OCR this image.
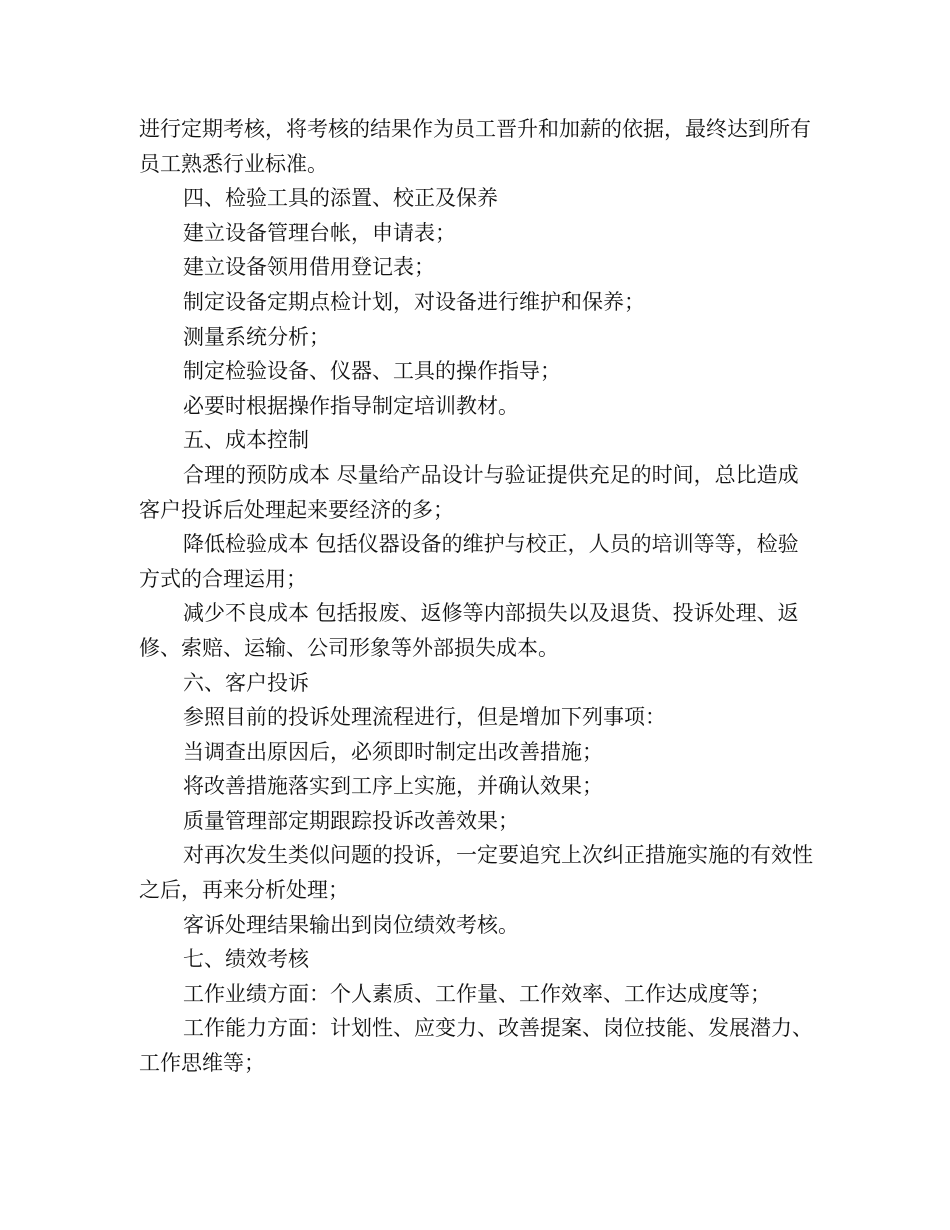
进行定期考核，将考核的结果作为员工晋升和加薪的依据，最终达到所有员工熟悉行业标准。

四、检验工具的添置、校正及保养

建立设备管理台帐，申请表；

建立设备领用借用登记表；

制定设备定期点检计划，对设备进行维护和保养；

测量系统分析；

制定检验设备、仪器、工具的操作指导；

必要时根据操作指导制定培训教材。

五、成本控制

合理的预防成本 尽量给产品设计与验证提供充足的时间，总比造成客户投诉后处理起来要经济的多；

降低检验成本 包括仪器设备的维护与校正，人员的培训等等，检验方式的合理运用；

减少不良成本 包括报废、返修等内部损失以及退货、投诉处理、返修、索赔、运输、公司形象等外部损失成本。

六、客户投诉

参照目前的投诉处理流程进行，但是增加下列事项：

当调查出原因后，必须即时制定出改善措施；

将改善措施落实到工序上实施，并确认效果；

质量管理部定期跟踪投诉改善效果；

对再次发生类似问题的投诉，一定要追究上次纠正措施实施的有效性之后，再来分析处理；

客诉处理结果输出到岗位绩效考核。

七、绩效考核

工作业绩方面：个人素质、工作量、工作效率、工作达成度等；

工作能力方面：计划性、应变力、改善提案、岗位技能、发展潜力、工作思维等；
